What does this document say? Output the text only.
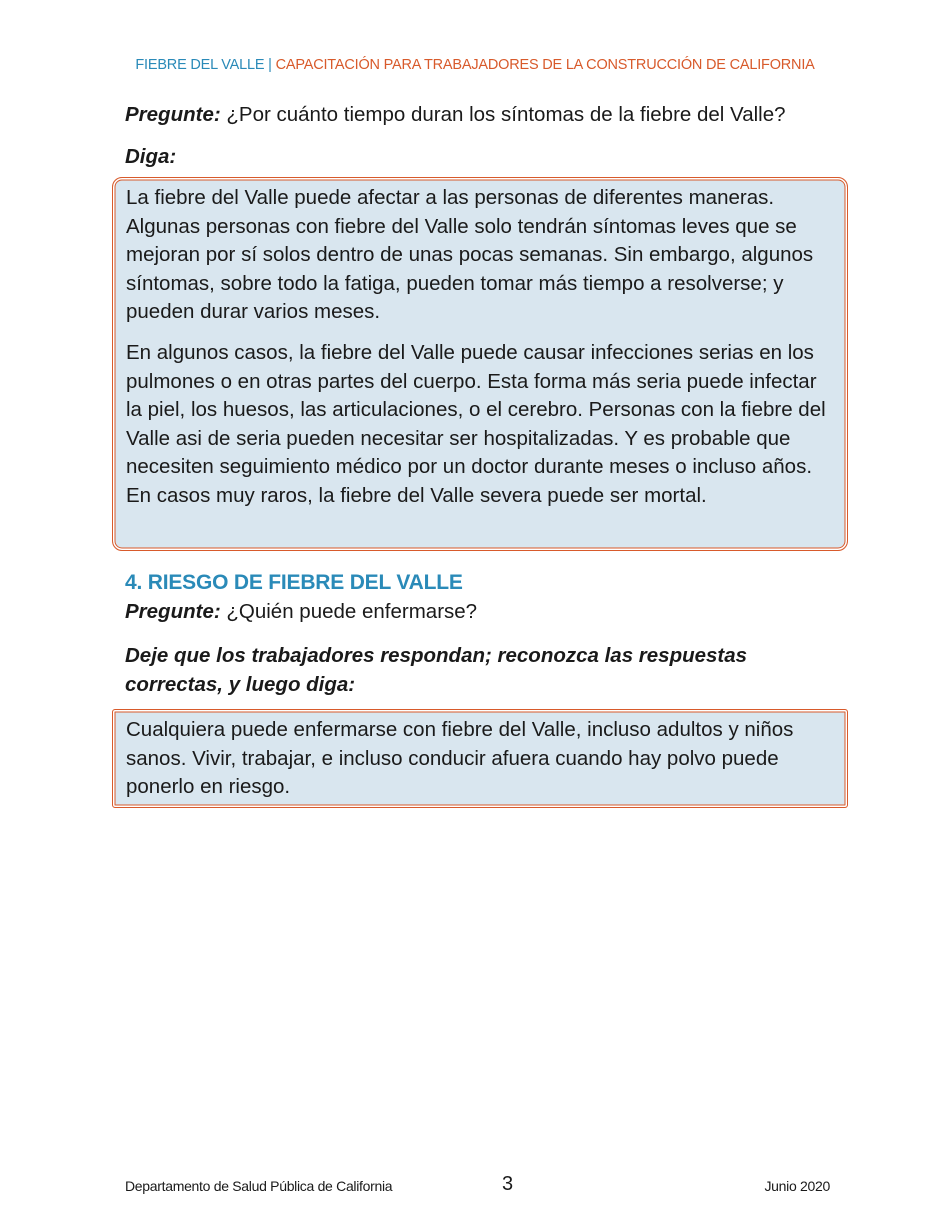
FIEBRE DEL VALLE | CAPACITACIÓN PARA TRABAJADORES DE LA CONSTRUCCIÓN DE CALIFORNIA
Pregunte: ¿Por cuánto tiempo duran los síntomas de la fiebre del Valle?
Diga:

La fiebre del Valle puede afectar a las personas de diferentes maneras. Algunas personas con fiebre del Valle solo tendrán síntomas leves que se mejoran por sí solos dentro de unas pocas semanas. Sin embargo, algunos síntomas, sobre todo la fatiga, pueden tomar más tiempo a resolverse; y pueden durar varios meses.

En algunos casos, la fiebre del Valle puede causar infecciones serias en los pulmones o en otras partes del cuerpo. Esta forma más seria puede infectar la piel, los huesos, las articulaciones, o el cerebro. Personas con la fiebre del Valle asi de seria pueden necesitar ser hospitalizadas. Y es probable que necesiten seguimiento médico por un doctor durante meses o incluso años. En casos muy raros, la fiebre del Valle severa puede ser mortal.

4. RIESGO DE FIEBRE DEL VALLE
Pregunte: ¿Quién puede enfermarse?
Deje que los trabajadores respondan; reconozca las respuestas correctas, y luego diga:

Cualquiera puede enfermarse con fiebre del Valle, incluso adultos y niños sanos. Vivir, trabajar, e incluso conducir afuera cuando hay polvo puede ponerlo en riesgo.

Departamento de Salud Pública de California	3	Junio 2020
